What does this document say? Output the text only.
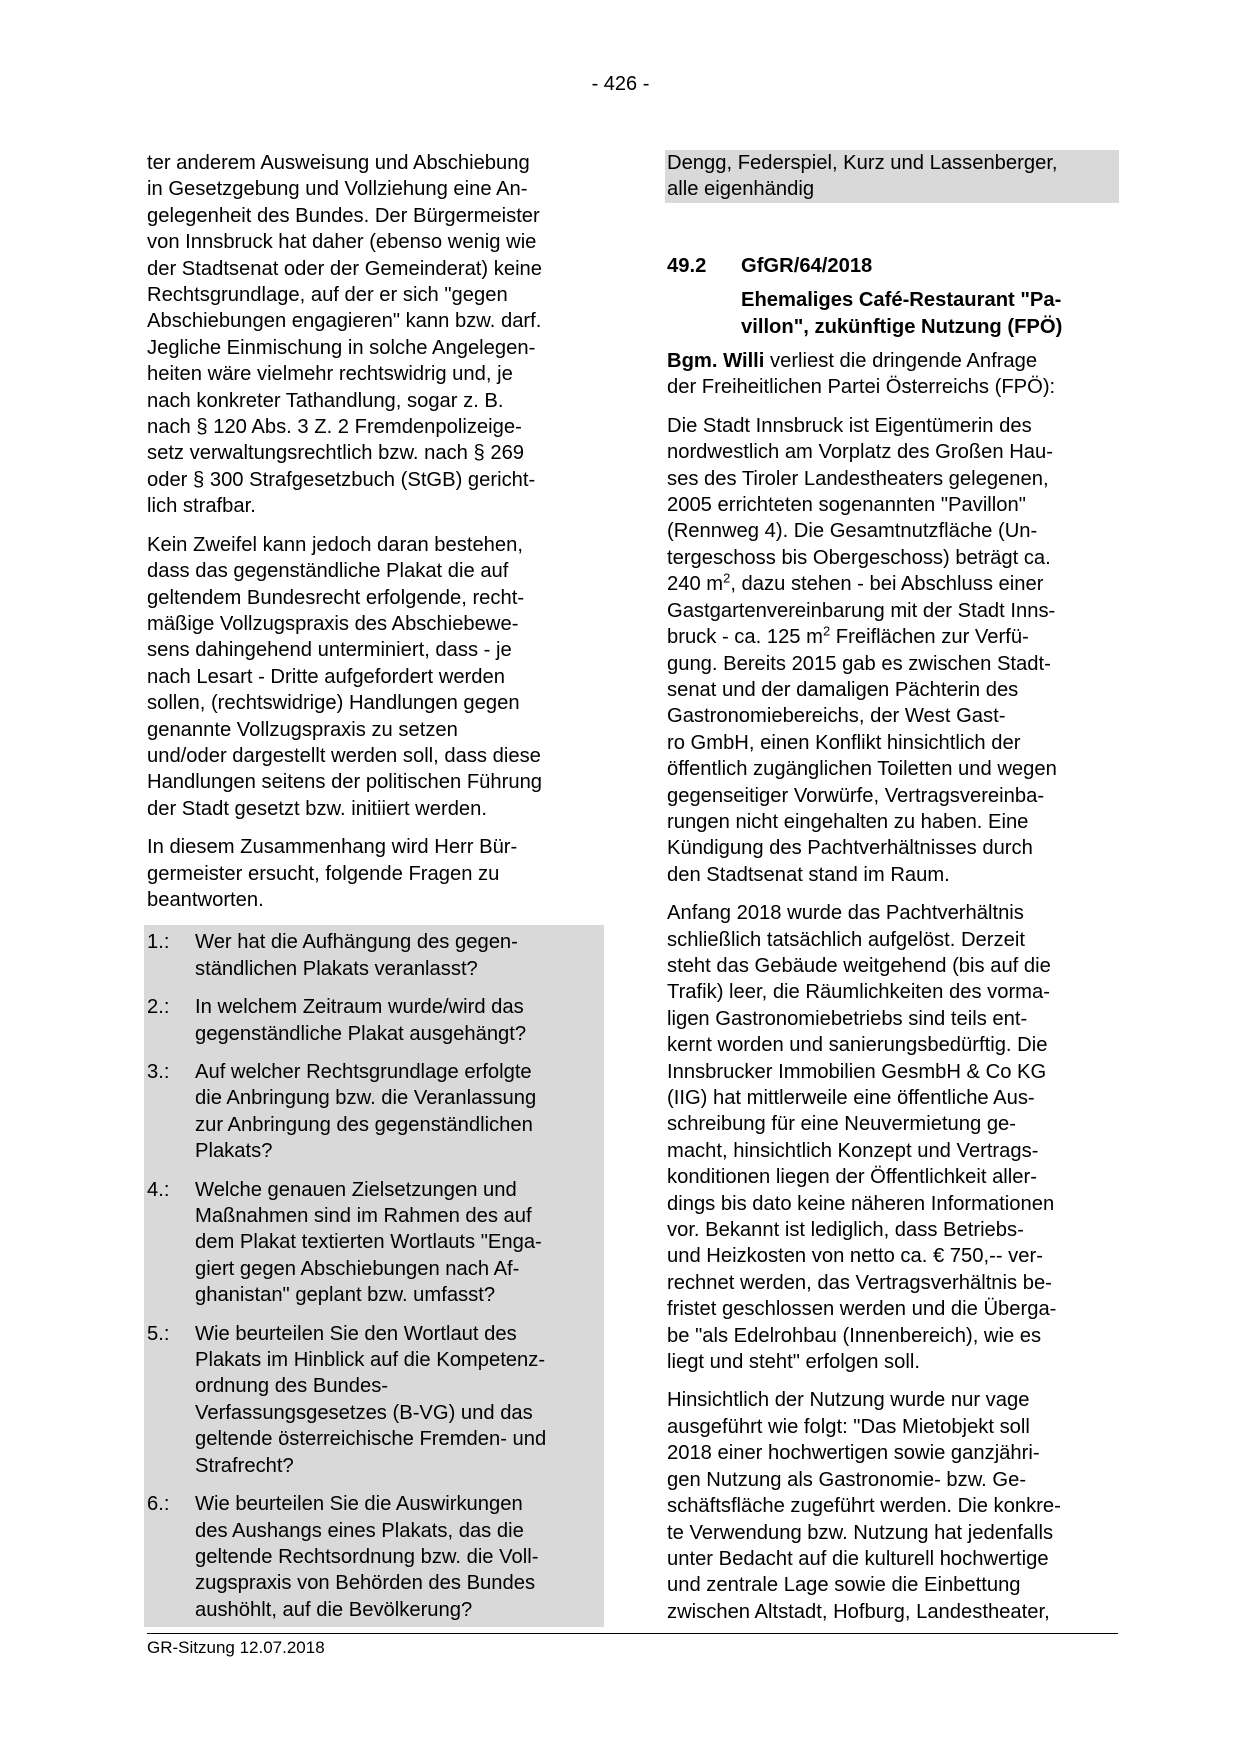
- 426 -

ter anderem Ausweisung und Abschiebung
in Gesetzgebung und Vollziehung eine An-
gelegenheit des Bundes. Der Bürgermeister
von Innsbruck hat daher (ebenso wenig wie
der Stadtsenat oder der Gemeinderat) keine
Rechtsgrundlage, auf der er sich "gegen
Abschiebungen engagieren" kann bzw. darf.
Jegliche Einmischung in solche Angelegen-
heiten wäre vielmehr rechtswidrig und, je
nach konkreter Tathandlung, sogar z. B.
nach § 120 Abs. 3 Z. 2 Fremdenpolizeige-
setz verwaltungsrechtlich bzw. nach § 269
oder § 300 Strafgesetzbuch (StGB) gericht-
lich strafbar.

Kein Zweifel kann jedoch daran bestehen,
dass das gegenständliche Plakat die auf
geltendem Bundesrecht erfolgende, recht-
mäßige Vollzugspraxis des Abschiebewe-
sens dahingehend unterminiert, dass - je
nach Lesart - Dritte aufgefordert werden
sollen, (rechtswidrige) Handlungen gegen
genannte Vollzugspraxis zu setzen
und/oder dargestellt werden soll, dass diese
Handlungen seitens der politischen Führung
der Stadt gesetzt bzw. initiiert werden.

In diesem Zusammenhang wird Herr Bür-
germeister ersucht, folgende Fragen zu
beantworten.

1.:	Wer hat die Aufhängung des gegen-
ständlichen Plakats veranlasst?
2.:	In welchem Zeitraum wurde/wird das
gegenständliche Plakat ausgehängt?
3.:	Auf welcher Rechtsgrundlage erfolgte
die Anbringung bzw. die Veranlassung
zur Anbringung des gegenständlichen
Plakats?
4.:	Welche genauen Zielsetzungen und
Maßnahmen sind im Rahmen des auf
dem Plakat textierten Wortlauts "Enga-
giert gegen Abschiebungen nach Af-
ghanistan" geplant bzw. umfasst?
5.:	Wie beurteilen Sie den Wortlaut des
Plakats im Hinblick auf die Kompetenz-
ordnung des Bundes-
Verfassungsgesetzes (B-VG) und das
geltende österreichische Fremden- und
Strafrecht?
6.:	Wie beurteilen Sie die Auswirkungen
des Aushangs eines Plakats, das die
geltende Rechtsordnung bzw. die Voll-
zugspraxis von Behörden des Bundes
aushöhlt, auf die Bevölkerung?
Dengg, Federspiel, Kurz und Lassenberger,
alle eigenhändig
49.2	GfGR/64/2018
Ehemaliges Café-Restaurant "Pa-
villon", zukünftige Nutzung (FPÖ)

Bgm. Willi verliest die dringende Anfrage
der Freiheitlichen Partei Österreichs (FPÖ):

Die Stadt Innsbruck ist Eigentümerin des
nordwestlich am Vorplatz des Großen Hau-
ses des Tiroler Landestheaters gelegenen,
2005 errichteten sogenannten "Pavillon"
(Rennweg 4). Die Gesamtnutzfläche (Un-
tergeschoss bis Obergeschoss) beträgt ca.
240 $m^2$, dazu stehen - bei Abschluss einer
Gastgartenvereinbarung mit der Stadt Inns-
bruck - ca. 125 $m^2$ Freiflächen zur Verfü-
gung. Bereits 2015 gab es zwischen Stadt-
senat und der damaligen Pächterin des
Gastronomiebereichs, der West Gast-
ro GmbH, einen Konflikt hinsichtlich der
öffentlich zugänglichen Toiletten und wegen
gegenseitiger Vorwürfe, Vertragsvereinba-
rungen nicht eingehalten zu haben. Eine
Kündigung des Pachtverhältnisses durch
den Stadtsenat stand im Raum.

Anfang 2018 wurde das Pachtverhältnis
schließlich tatsächlich aufgelöst. Derzeit
steht das Gebäude weitgehend (bis auf die
Trafik) leer, die Räumlichkeiten des vorma-
ligen Gastronomiebetriebs sind teils ent-
kernt worden und sanierungsbedürftig. Die
Innsbrucker Immobilien GesmbH & Co KG
(IIG) hat mittlerweile eine öffentliche Aus-
schreibung für eine Neuvermietung ge-
macht, hinsichtlich Konzept und Vertrags-
konditionen liegen der Öffentlichkeit aller-
dings bis dato keine näheren Informationen
vor. Bekannt ist lediglich, dass Betriebs-
und Heizkosten von netto ca. € 750,-- ver-
rechnet werden, das Vertragsverhältnis be-
fristet geschlossen werden und die Überga-
be "als Edelrohbau (Innenbereich), wie es
liegt und steht" erfolgen soll.

Hinsichtlich der Nutzung wurde nur vage
ausgeführt wie folgt: "Das Mietobjekt soll
2018 einer hochwertigen sowie ganzjähri-
gen Nutzung als Gastronomie- bzw. Ge-
schäftsfläche zugeführt werden. Die konkre-
te Verwendung bzw. Nutzung hat jedenfalls
unter Bedacht auf die kulturell hochwertige
und zentrale Lage sowie die Einbettung
zwischen Altstadt, Hofburg, Landestheater,

GR-Sitzung 12.07.2018
